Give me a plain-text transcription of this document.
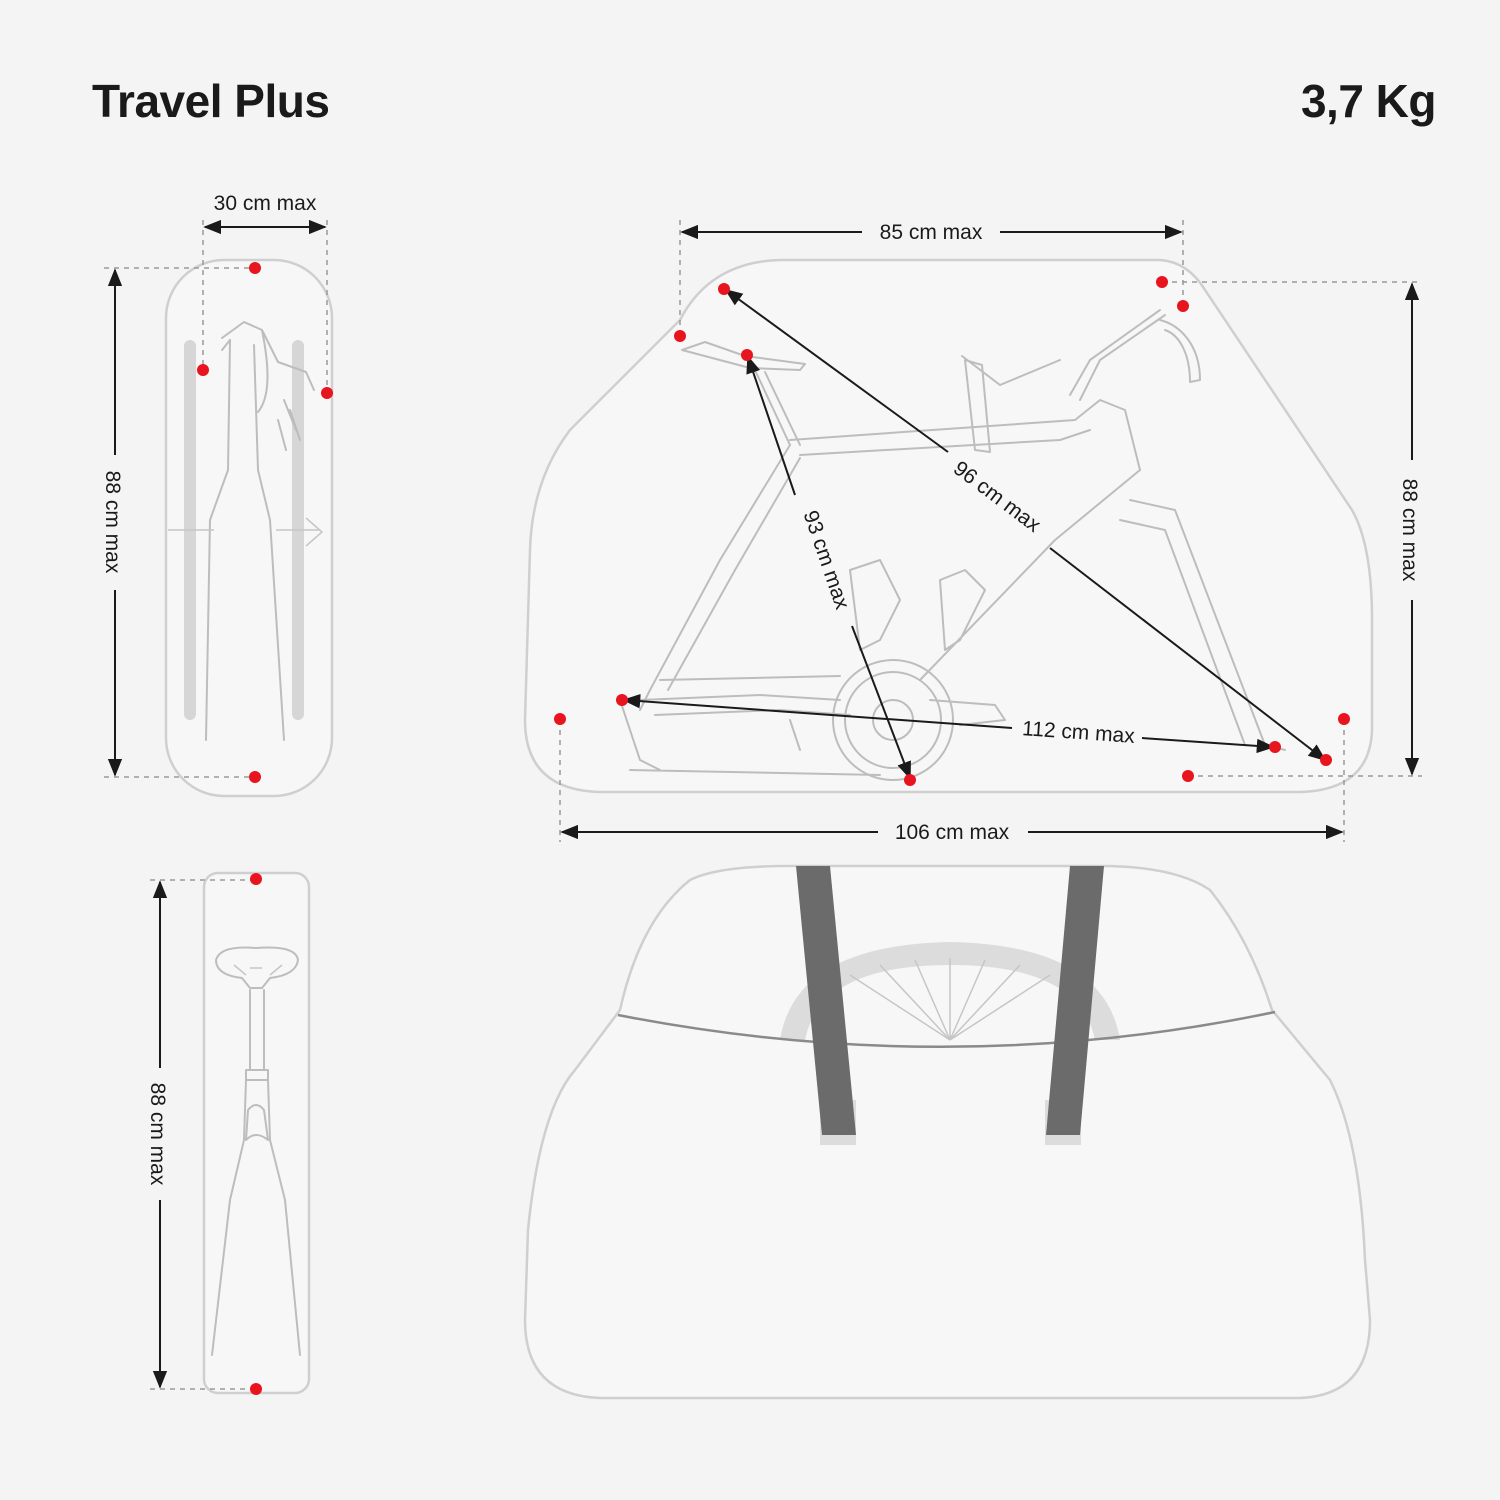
Travel Plus	3,7 Kg
30 cm max
88 cm max
85 cm max
88 cm max
96 cm max
93 cm max
112 cm max
106 cm max
88 cm max
